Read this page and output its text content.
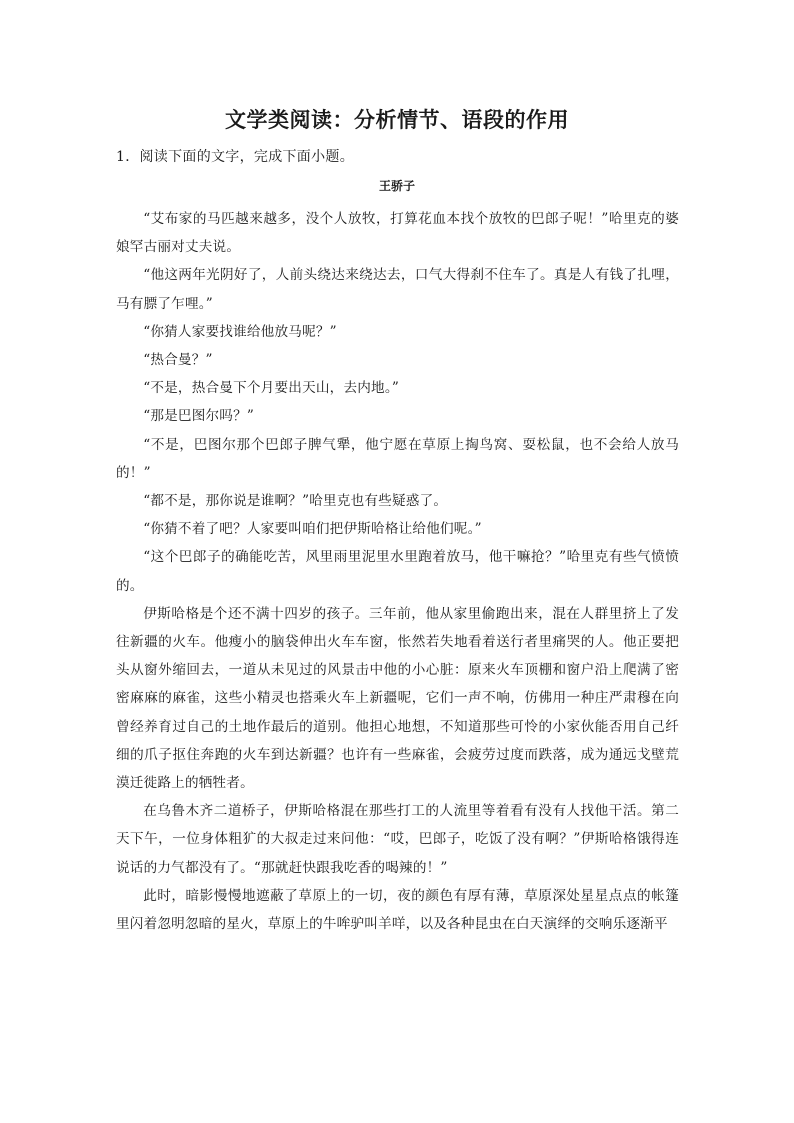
文学类阅读：分析情节、语段的作用
1．阅读下面的文字，完成下面小题。
王骄子

“艾布家的马匹越来越多，没个人放牧，打算花血本找个放牧的巴郎子呢！”哈里克的婆娘罕古丽对丈夫说。

“他这两年光阴好了，人前头绕达来绕达去，口气大得刹不住车了。真是人有钱了扎哩，马有膘了乍哩。”

“你猜人家要找谁给他放马呢？”

“热合曼？”

“不是，热合曼下个月要出天山，去内地。”

“那是巴图尔吗？”

“不是，巴图尔那个巴郎子脾气犟，他宁愿在草原上掏鸟窝、耍松鼠，也不会给人放马的！”

“都不是，那你说是谁啊？”哈里克也有些疑惑了。

“你猜不着了吧？人家要叫咱们把伊斯哈格让给他们呢。”

“这个巴郎子的确能吃苦，风里雨里泥里水里跑着放马，他干嘛抢？”哈里克有些气愤愤的。

伊斯哈格是个还不满十四岁的孩子。三年前，他从家里偷跑出来，混在人群里挤上了发往新疆的火车。他瘦小的脑袋伸出火车车窗，怅然若失地看着送行者里痛哭的人。他正要把头从窗外缩回去，一道从未见过的风景击中他的小心脏：原来火车顶棚和窗户沿上爬满了密密麻麻的麻雀，这些小精灵也搭乘火车上新疆呢，它们一声不响，仿佛用一种庄严肃穆在向曾经养育过自己的土地作最后的道别。他担心地想，不知道那些可怜的小家伙能否用自己纤细的爪子抠住奔跑的火车到达新疆？也许有一些麻雀，会疲劳过度而跌落，成为通远戈壁荒漠迁徙路上的牺牲者。

在乌鲁木齐二道桥子，伊斯哈格混在那些打工的人流里等着看有没有人找他干活。第二天下午，一位身体粗犷的大叔走过来问他：“哎，巴郎子，吃饭了没有啊？”伊斯哈格饿得连说话的力气都没有了。“那就赶快跟我吃香的喝辣的！”

此时，暗影慢慢地遮蔽了草原上的一切，夜的颜色有厚有薄，草原深处星星点点的帐篷里闪着忽明忽暗的星火，草原上的牛哞驴叫羊咩，以及各种昆虫在白天演绎的交响乐逐渐平
